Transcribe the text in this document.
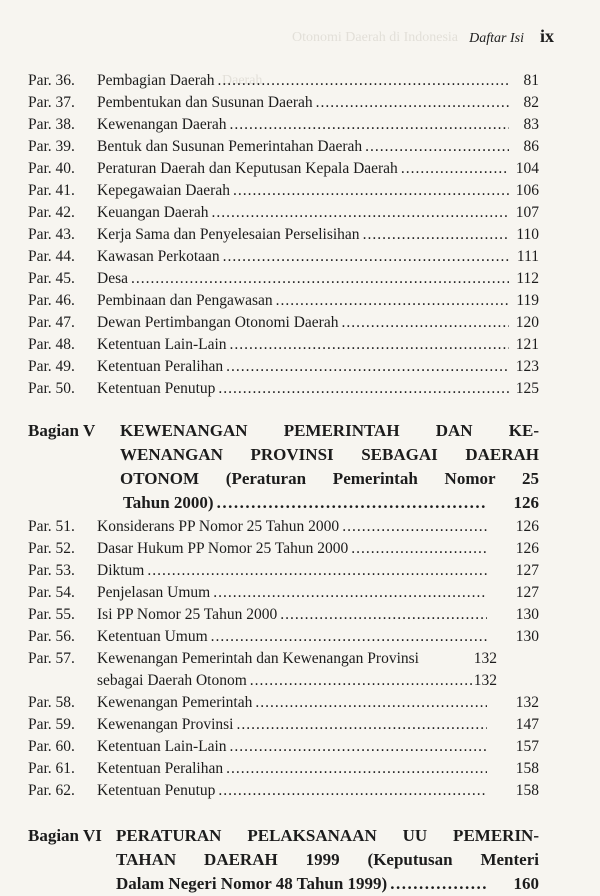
Otonomi Daerah di Indonesia
Daerah
Daftar Isi ix
Par. 36.	Pembagian Daerah .....	81
Par. 37.	Pembentukan dan Susunan Daerah .....	82
Par. 38.	Kewenangan Daerah .....	83
Par. 39.	Bentuk dan Susunan Pemerintahan Daerah .....	86
Par. 40.	Peraturan Daerah dan Keputusan Kepala Daerah .....	104
Par. 41.	Kepegawaian Daerah .....	106
Par. 42.	Keuangan Daerah .....	107
Par. 43.	Kerja Sama dan Penyelesaian Perselisihan .....	110
Par. 44.	Kawasan Perkotaan .....	111
Par. 45.	Desa .....	112
Par. 46.	Pembinaan dan Pengawasan .....	119
Par. 47.	Dewan Pertimbangan Otonomi Daerah .....	120
Par. 48.	Ketentuan Lain-Lain .....	121
Par. 49.	Ketentuan Peralihan .....	123
Par. 50.	Ketentuan Penutup .....	125
Bagian V KEWENANGAN PEMERINTAH DAN KE-
WENANGAN PROVINSI SEBAGAI DAERAH
OTONOM (Peraturan Pemerintah Nomor 25
Tahun 2000) .....	126
Par. 51.	Konsiderans PP Nomor 25 Tahun 2000 .....	126
Par. 52.	Dasar Hukum PP Nomor 25 Tahun 2000 .....	126
Par. 53.	Diktum .....	127
Par. 54.	Penjelasan Umum .....	127
Par. 55.	Isi PP Nomor 25 Tahun 2000 .....	130
Par. 56.	Ketentuan Umum .....	130
Par. 57.	Kewenangan Pemerintah dan Kewenangan Provinsi	132
sebagai Daerah Otonom .....	132
Par. 58.	Kewenangan Pemerintah .....	132
Par. 59.	Kewenangan Provinsi .....	147
Par. 60.	Ketentuan Lain-Lain .....	157
Par. 61.	Ketentuan Peralihan .....	158
Par. 62.	Ketentuan Penutup .....	158
Bagian VI PERATURAN PELAKSANAAN UU PEMERIN-
TAHAN DAERAH 1999 (Keputusan Menteri
Dalam Negeri Nomor 48 Tahun 1999) .....	160
